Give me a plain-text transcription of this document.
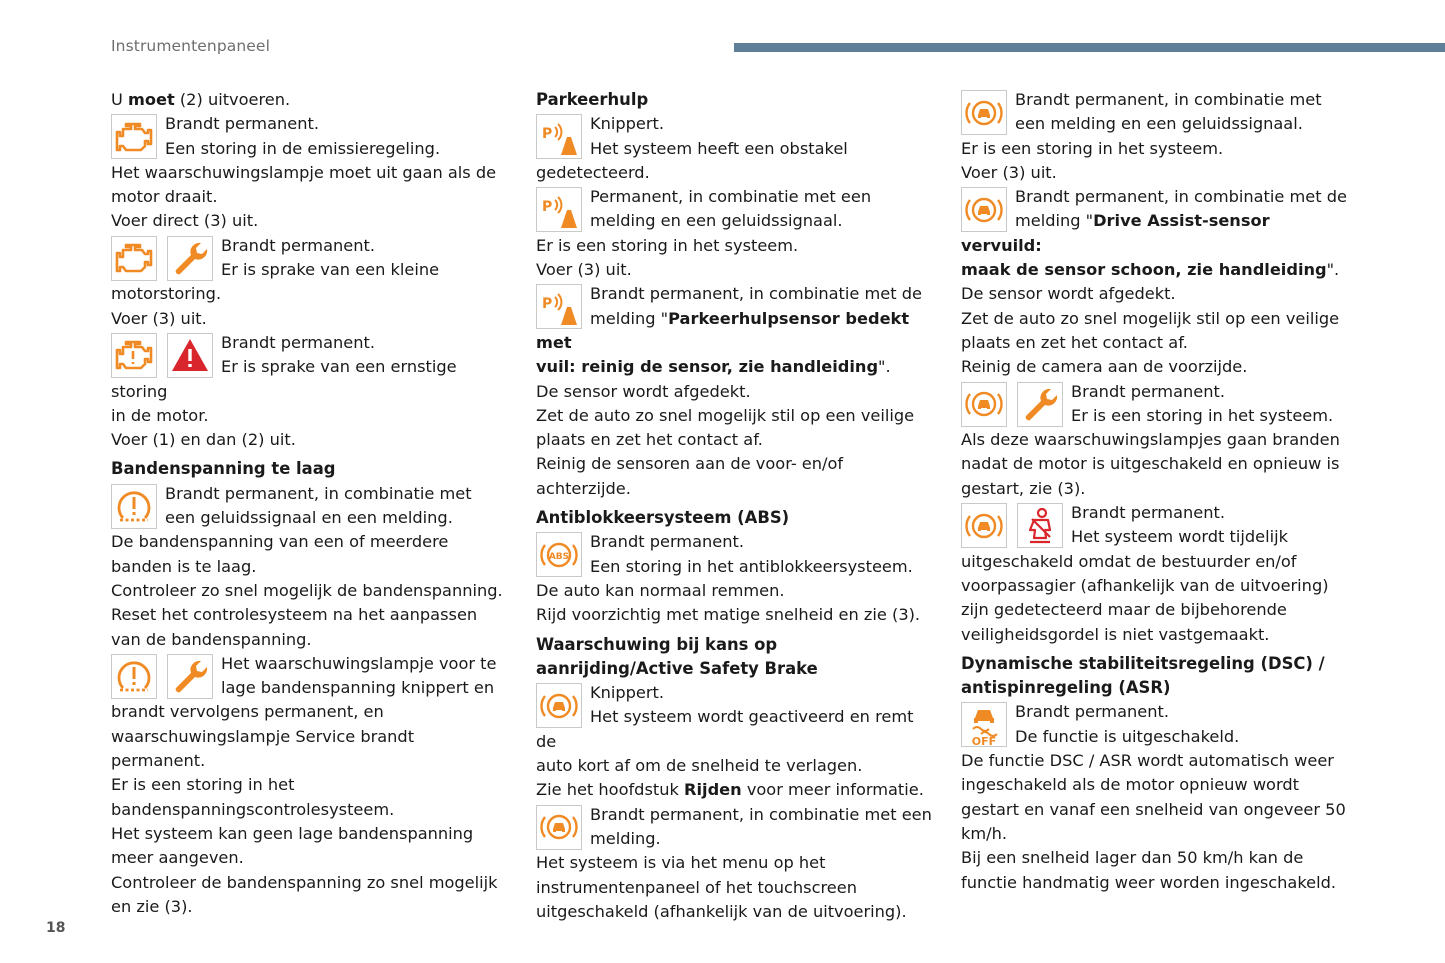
Instrumentenpaneel

U moet (2) uitvoeren.

Brandt permanent.

Een storing in de emissieregeling.

Het waarschuwingslampje moet uit gaan als de motor draait.

Voer direct (3) uit.

Brandt permanent.

Er is sprake van een kleine

motorstoring.

Voer (3) uit.

Brandt permanent.

Er is sprake van een ernstige storing

in de motor.

Voer (1) en dan (2) uit.

Bandenspanning te laag

Brandt permanent, in combinatie met een geluidssignaal en een melding.

De bandenspanning van een of meerdere banden is te laag.

Controleer zo snel mogelijk de bandenspanning.

Reset het controlesysteem na het aanpassen van de bandenspanning.

Het waarschuwingslampje voor te

lage bandenspanning knippert en

brandt vervolgens permanent, en waarschuwingslampje Service brandt permanent.

Er is een storing in het bandenspanningscontrolesysteem.

Het systeem kan geen lage bandenspanning meer aangeven.

Controleer de bandenspanning zo snel mogelijk en zie (3).

Parkeerhulp
P

Knippert.

Het systeem heeft een obstakel

gedetecteerd.

P

Permanent, in combinatie met een melding en een geluidssignaal.

Er is een storing in het systeem.

Voer (3) uit.

P

Brandt permanent, in combinatie met de

melding "Parkeerhulpsensor bedekt met

vuil: reinig de sensor, zie handleiding".

De sensor wordt afgedekt.

Zet de auto zo snel mogelijk stil op een veilige plaats en zet het contact af.

Reinig de sensoren aan de voor- en/of achterzijde.

Antiblokkeersysteem (ABS)
ABS

Brandt permanent.

Een storing in het antiblokkeersysteem.

De auto kan normaal remmen.

Rijd voorzichtig met matige snelheid en zie (3).

Waarschuwing bij kans op aanrijding/Active Safety Brake

Knippert.

Het systeem wordt geactiveerd en remt de

auto kort af om de snelheid te verlagen.

Zie het hoofdstuk Rijden voor meer informatie.

Brandt permanent, in combinatie met een melding.

Het systeem is via het menu op het instrumentenpaneel of het touchscreen uitgeschakeld (afhankelijk van de uitvoering).

Brandt permanent, in combinatie met een melding en een geluidssignaal.

Er is een storing in het systeem.

Voer (3) uit.

Brandt permanent, in combinatie met de

melding "Drive Assist-sensor vervuild:

maak de sensor schoon, zie handleiding".

De sensor wordt afgedekt.

Zet de auto zo snel mogelijk stil op een veilige plaats en zet het contact af.

Reinig de camera aan de voorzijde.

Brandt permanent.

Er is een storing in het systeem.

Als deze waarschuwingslampjes gaan branden nadat de motor is uitgeschakeld en opnieuw is gestart, zie (3).

Brandt permanent.

Het systeem wordt tijdelijk

uitgeschakeld omdat de bestuurder en/of voorpassagier (afhankelijk van de uitvoering) zijn gedetecteerd maar de bijbehorende veiligheidsgordel is niet vastgemaakt.

Dynamische stabiliteitsregeling (DSC) / antispinregeling (ASR)
OFF

Brandt permanent.

De functie is uitgeschakeld.

De functie DSC / ASR wordt automatisch weer ingeschakeld als de motor opnieuw wordt gestart en vanaf een snelheid van ongeveer 50 km/h.

Bij een snelheid lager dan 50 km/h kan de functie handmatig weer worden ingeschakeld.

18
